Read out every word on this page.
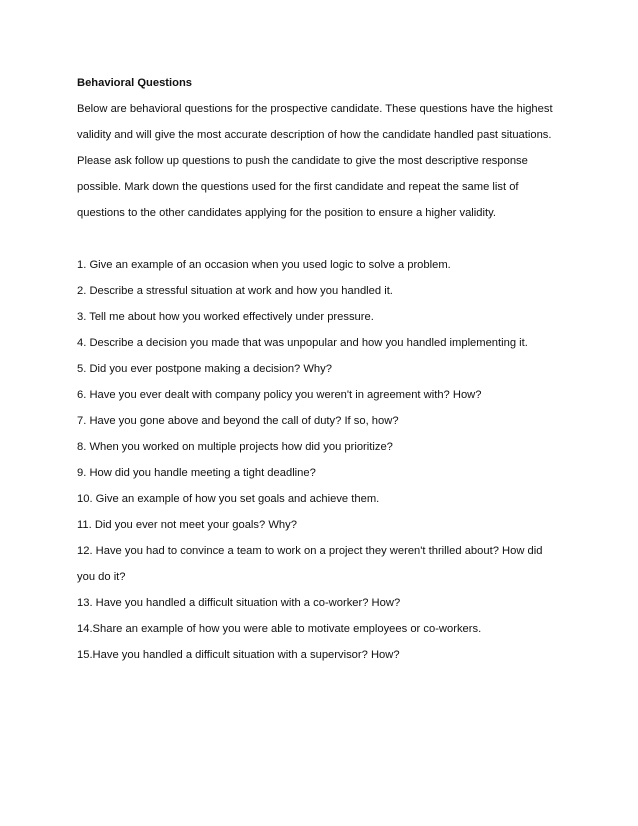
Behavioral Questions
Below are behavioral questions for the prospective candidate. These questions have the highest
validity and will give the most accurate description of how the candidate handled past situations.
Please ask follow up questions to push the candidate to give the most descriptive response
possible. Mark down the questions used for the first candidate and repeat the same list of
questions to the other candidates applying for the position to ensure a higher validity.
1. Give an example of an occasion when you used logic to solve a problem.
2. Describe a stressful situation at work and how you handled it.
3. Tell me about how you worked effectively under pressure.
4. Describe a decision you made that was unpopular and how you handled implementing it.
5. Did you ever postpone making a decision? Why?
6. Have you ever dealt with company policy you weren't in agreement with? How?
7. Have you gone above and beyond the call of duty? If so, how?
8. When you worked on multiple projects how did you prioritize?
9. How did you handle meeting a tight deadline?
10. Give an example of how you set goals and achieve them.
11. Did you ever not meet your goals? Why?
12. Have you had to convince a team to work on a project they weren't thrilled about? How did
you do it?
13. Have you handled a difficult situation with a co-worker? How?
14.Share an example of how you were able to motivate employees or co-workers.
15.Have you handled a difficult situation with a supervisor? How?
